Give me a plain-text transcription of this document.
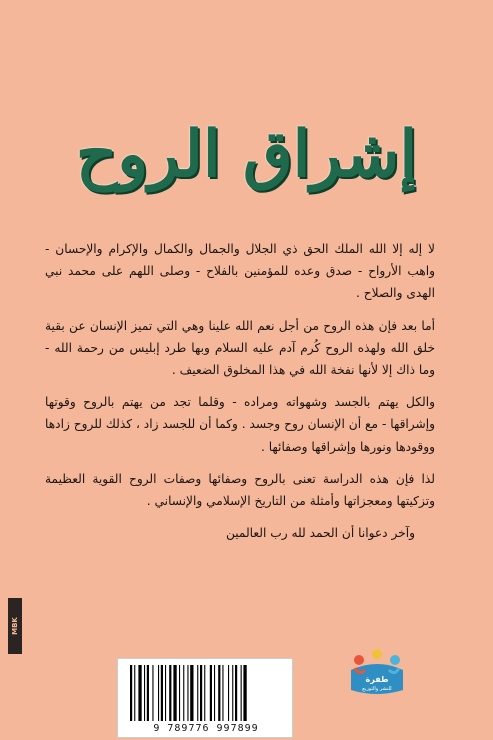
إشراق الروح

لا إله إلا الله الملك الحق ذي الجلال والجمال والكمال والإكرام والإحسان - واهب الأرواح - صدق وعده للمؤمنين بالفلاح - وصلى اللهم على محمد نبي الهدى والصلاح .

أما بعد فإن هذه الروح من أجل نعم الله علينا وهي التي تميز الإنسان عن بقية خلق الله ولهذه الروح كُرم آدم عليه السلام وبها طرد إبليس من رحمة الله - وما ذاك إلا لأنها نفخة الله في هذا المخلوق الضعيف .

والكل يهتم بالجسد وشهواته ومراده - وقلما تجد من يهتم بالروح وقوتها وإشراقها - مع أن الإنسان روح وجسد . وكما أن للجسد زاد ، كذلك للروح زادها ووقودها ونورها وإشراقها وصفائها .

لذا فإن هذه الدراسة تعنى بالروح وصفائها وصفات الروح القوية العظيمة وتزكيتها ومعجزاتها وأمثلة من التاريخ الإسلامي والإنساني .

وآخر دعوانا أن الحمد لله رب العالمين

MBK
طفرة
للنشر والتوزيع
9 789776 997899
